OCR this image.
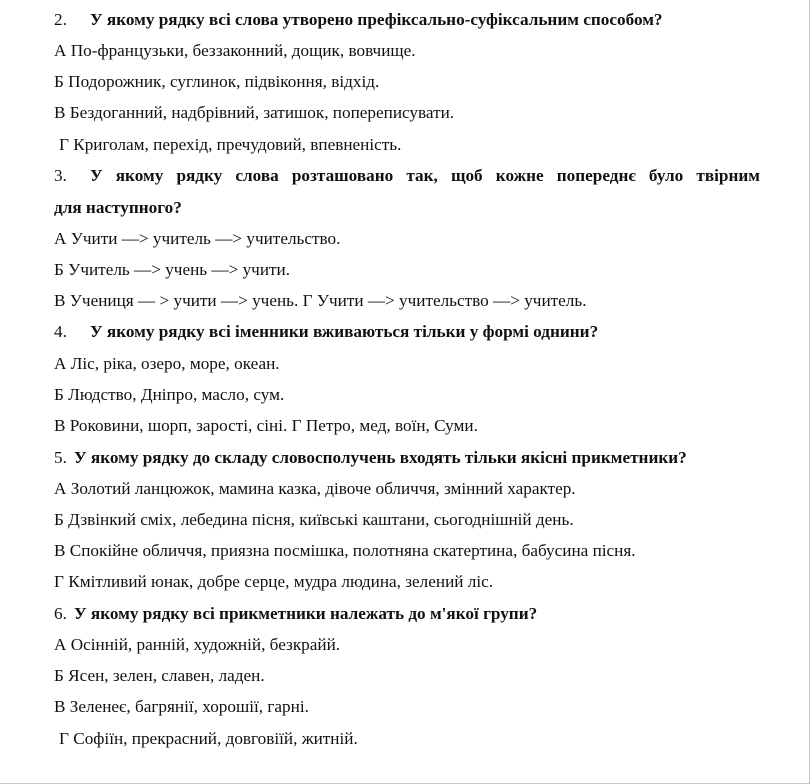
2. У якому рядку всі слова утворено префіксально-суфіксальним способом?
А По-французьки, беззаконний, дощик, вовчище.
Б Подорожник, суглинок, підвіконня, відхід.
В Бездоганний, надбрівний, затишок, попереписувати.
Г Криголам, перехід, пречудовий, впевненість.
3. У якому рядку слова розташовано так, щоб кожне попереднє було твірним
для наступного?
А Учити —> учитель —> учительство.
Б Учитель —> учень —> учити.
В Учениця — > учити —> учень. Г Учити —> учительство —> учитель.
4. У якому рядку всі іменники вживаються тільки у формі однини?
А Ліс, ріка, озеро, море, океан.
Б Людство, Дніпро, масло, сум.
В Роковини, шорп, зарості, сіні. Г Петро, мед, воїн, Суми.
5. У якому рядку до складу словосполучень входять тільки якісні прикметники?
А Золотий ланцюжок, мамина казка, дівоче обличчя, змінний характер.
Б Дзвінкий сміх, лебедина пісня, київські каштани, сьогоднішній день.
В Спокійне обличчя, приязна посмішка, полотняна скатертина, бабусина пісня.
Г Кмітливий юнак, добре серце, мудра людина, зелений ліс.
6. У якому рядку всі прикметники належать до м'якої групи?
А Осінній, ранній, художній, безкрайй.
Б Ясен, зелен, славен, ладен.
В Зеленеє, багрянії, хорошії, гарні.
Г Софіїн, прекрасний, довговіїй, житній.
